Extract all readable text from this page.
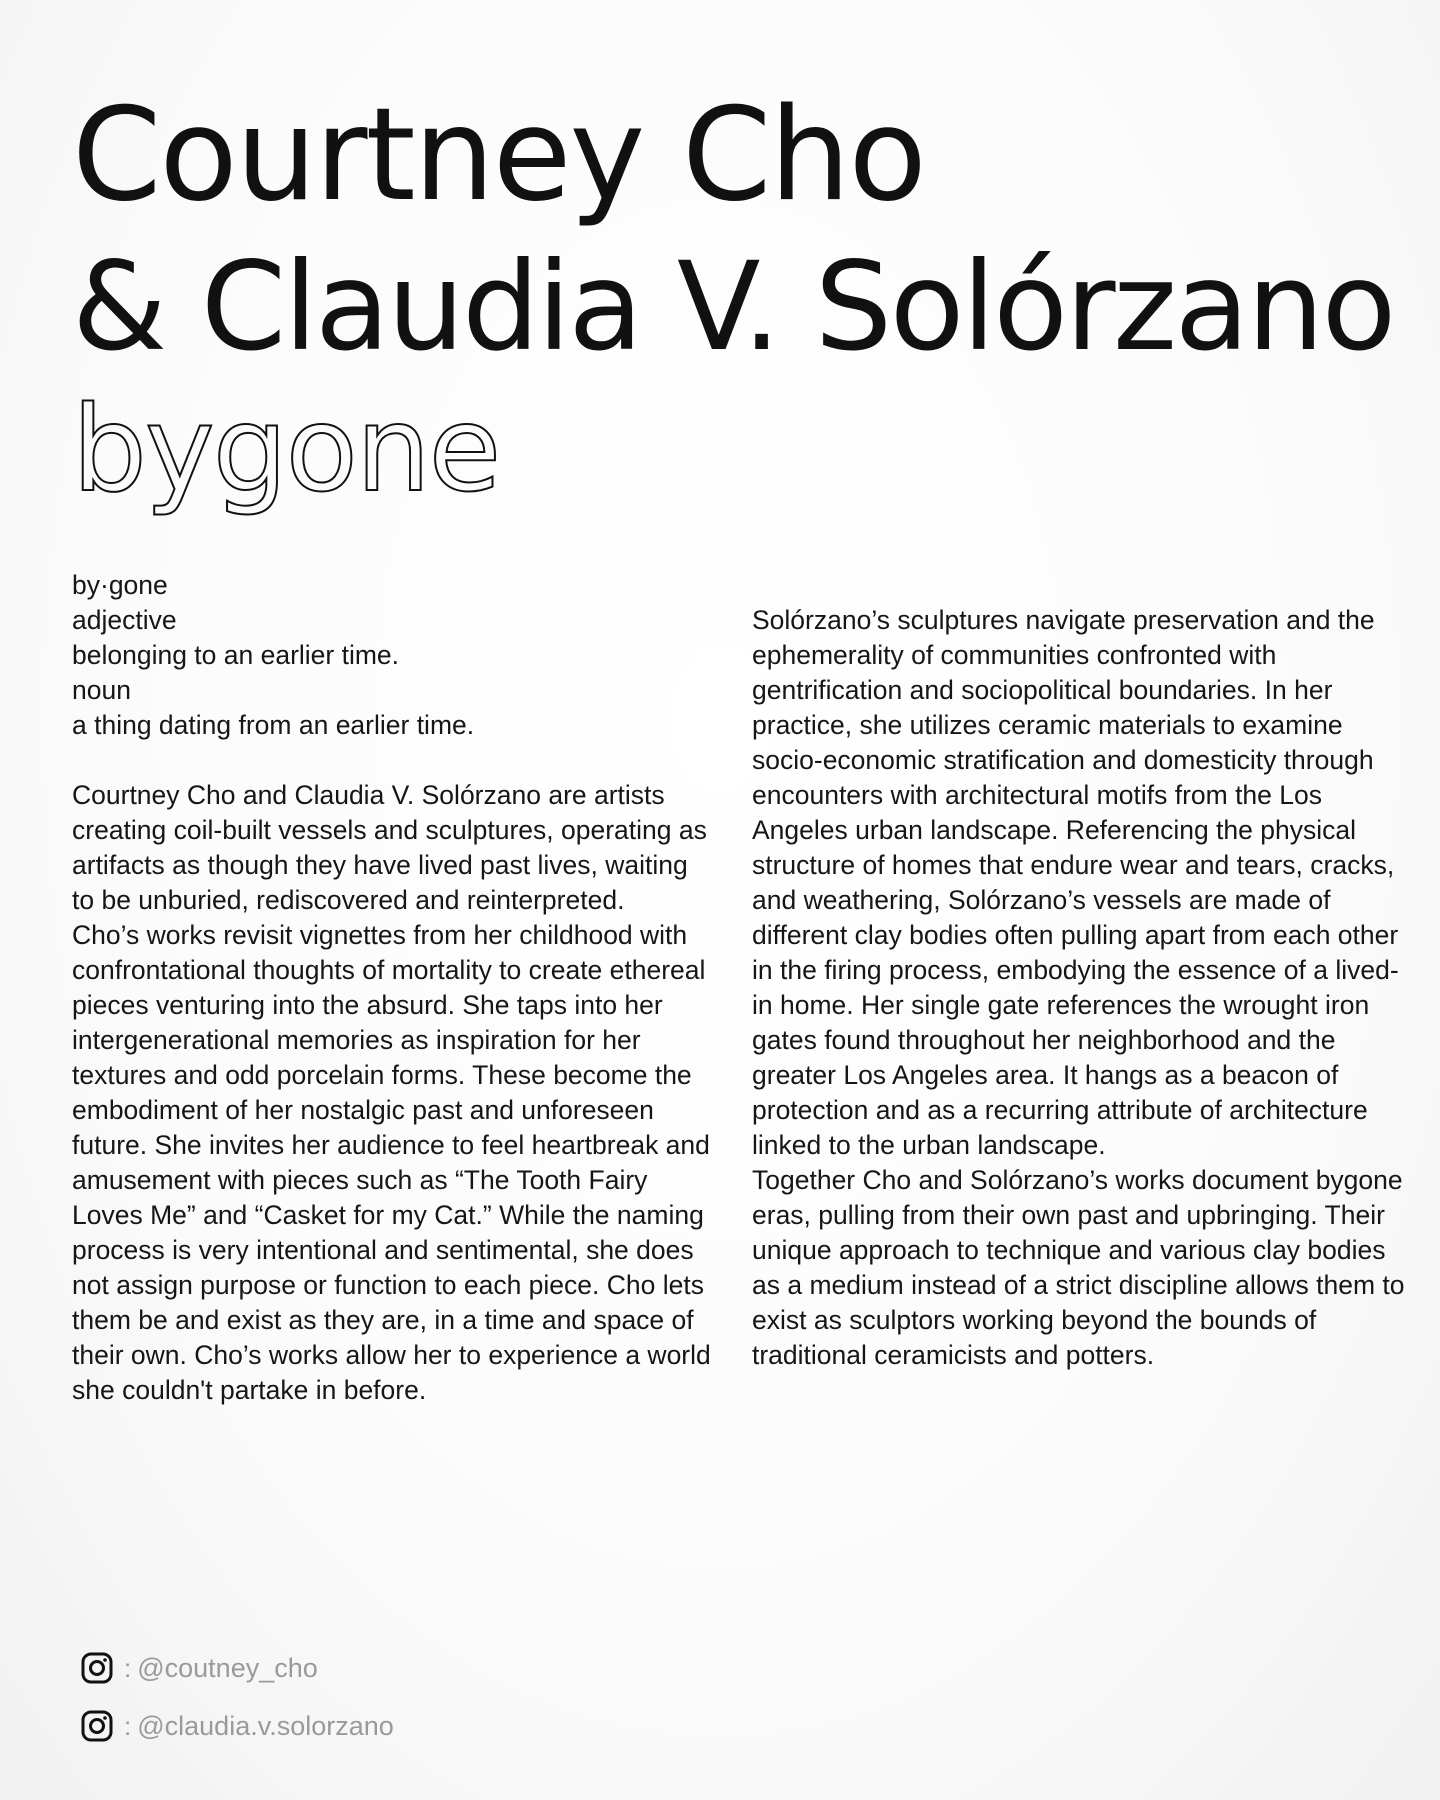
Courtney Cho
& Claudia V. Solórzano
bygone

by·gone

adjective

belonging to an earlier time.

noun

a thing dating from an earlier time.

Courtney Cho and Claudia V. Solórzano are artists creating coil-built vessels and sculptures, operating as artifacts as though they have lived past lives, waiting to be unburied, rediscovered and reinterpreted.

Cho’s works revisit vignettes from her childhood with confrontational thoughts of mortality to create ethereal pieces venturing into the absurd. She taps into her intergenerational memories as inspiration for her textures and odd porcelain forms. These become the embodiment of her nostalgic past and unforeseen future. She invites her audience to feel heartbreak and amusement with pieces such as “The Tooth Fairy Loves Me” and “Casket for my Cat.” While the naming process is very intentional and sentimental, she does not assign purpose or function to each piece. Cho lets them be and exist as they are, in a time and space of their own. Cho’s works allow her to experience a world she couldn't partake in before.

Solórzano’s sculptures navigate preservation and the ephemerality of communities confronted with gentrification and sociopolitical boundaries. In her practice, she utilizes ceramic materials to examine socio-economic stratification and domesticity through encounters with architectural motifs from the Los Angeles urban landscape. Referencing the physical structure of homes that endure wear and tears, cracks, and weathering, Solórzano’s vessels are made of different clay bodies often pulling apart from each other in the firing process, embodying the essence of a lived-in home. Her single gate references the wrought iron gates found throughout her neighborhood and the greater Los Angeles area. It hangs as a beacon of protection and as a recurring attribute of architecture linked to the urban landscape.

Together Cho and Solórzano’s works document bygone eras, pulling from their own past and upbringing. Their unique approach to technique and various clay bodies as a medium instead of a strict discipline allows them to exist as sculptors working beyond the bounds of traditional ceramicists and potters.

: @coutney_cho
: @claudia.v.solorzano
